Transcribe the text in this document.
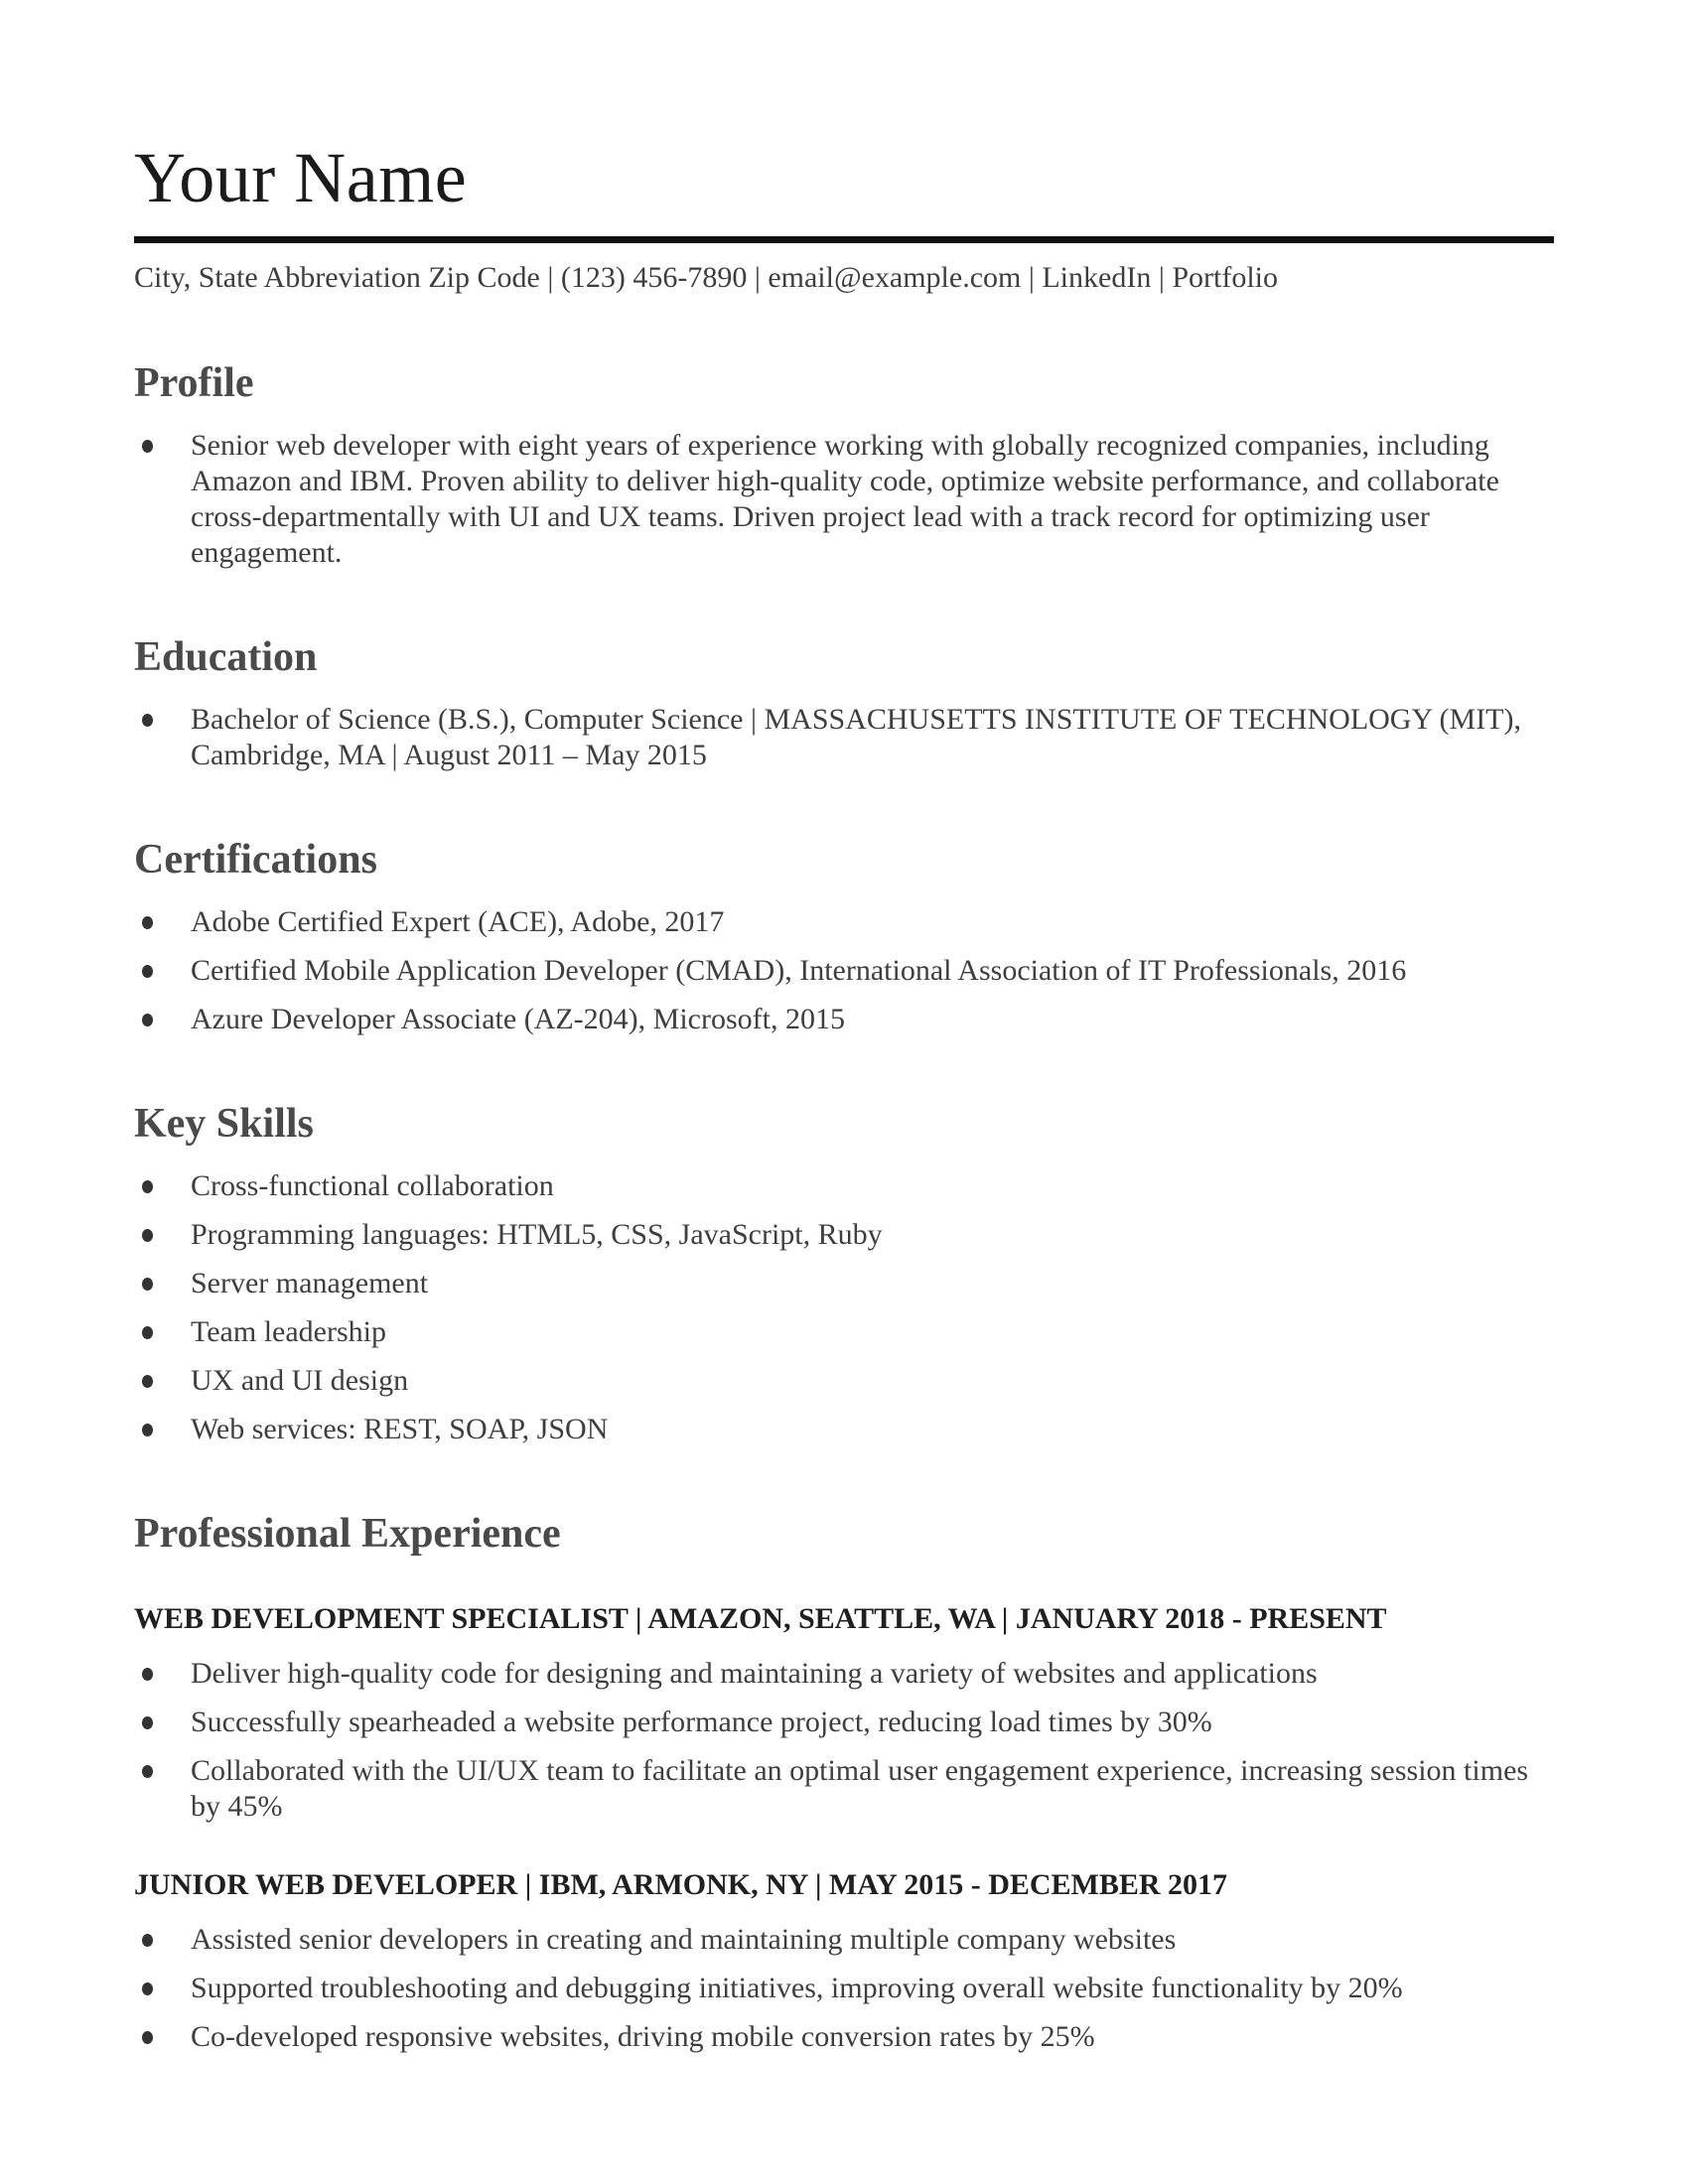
Your Name
City, State Abbreviation Zip Code | (123) 456-7890 | email@example.com | LinkedIn | Portfolio
Profile
Senior web developer with eight years of experience working with globally recognized companies, including Amazon and IBM. Proven ability to deliver high-quality code, optimize website performance, and collaborate cross-departmentally with UI and UX teams. Driven project lead with a track record for optimizing user engagement.
Education
Bachelor of Science (B.S.), Computer Science | MASSACHUSETTS INSTITUTE OF TECHNOLOGY (MIT), Cambridge, MA | August 2011 – May 2015
Certifications
Adobe Certified Expert (ACE), Adobe, 2017
Certified Mobile Application Developer (CMAD), International Association of IT Professionals, 2016
Azure Developer Associate (AZ-204), Microsoft, 2015
Key Skills
Cross-functional collaboration
Programming languages: HTML5, CSS, JavaScript, Ruby
Server management
Team leadership
UX and UI design
Web services: REST, SOAP, JSON
Professional Experience
WEB DEVELOPMENT SPECIALIST | AMAZON, SEATTLE, WA | JANUARY 2018 - PRESENT
Deliver high-quality code for designing and maintaining a variety of websites and applications
Successfully spearheaded a website performance project, reducing load times by 30%
Collaborated with the UI/UX team to facilitate an optimal user engagement experience, increasing session times by 45%
JUNIOR WEB DEVELOPER | IBM, ARMONK, NY | MAY 2015 - DECEMBER 2017
Assisted senior developers in creating and maintaining multiple company websites
Supported troubleshooting and debugging initiatives, improving overall website functionality by 20%
Co-developed responsive websites, driving mobile conversion rates by 25%
